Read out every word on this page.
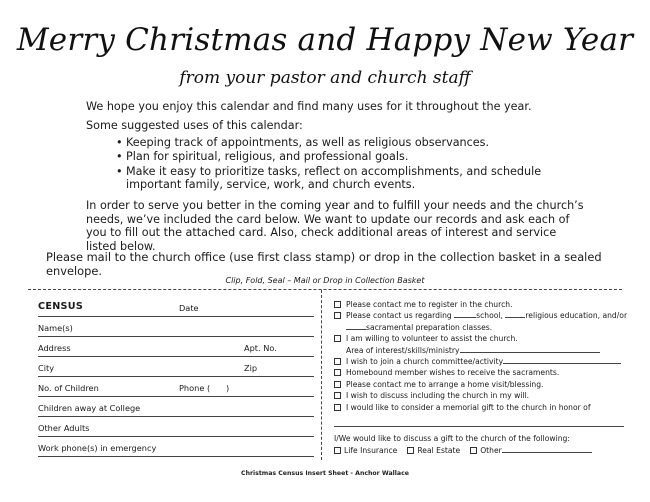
Merry Christmas and Happy New Year
from your pastor and church staff
We hope you enjoy this calendar and find many uses for it throughout the year.
Some suggested uses of this calendar:
• Keeping track of appointments, as well as religious observances.
• Plan for spiritual, religious, and professional goals.
• Make it easy to prioritize tasks, reflect on accomplishments, and schedule important family, service, work, and church events.
In order to serve you better in the coming year and to fulfill your needs and the church’s needs, we’ve included the card below. We want to update our records and ask each of you to fill out the attached card. Also, check additional areas of interest and service listed below.
Please mail to the church office (use first class stamp) or drop in the collection basket in a sealed envelope.
Clip, Fold, Seal – Mail or Drop in Collection Basket
CENSUS	Date
Name(s)
Address	Apt. No.
City	Zip
No. of Children	Phone ( )
Children away at College
Other Adults
Work phone(s) in emergency
Please contact me to register in the church.
Please contact us regarding	school,	religious education, and/or
sacramental preparation classes.
I am willing to volunteer to assist the church.
Area of interest/skills/ministry
I wish to join a church committee/activity
Homebound member wishes to receive the sacraments.
Please contact me to arrange a home visit/blessing.
I wish to discuss including the church in my will.
I would like to consider a memorial gift to the church in honor of
I/We would like to discuss a gift to the church of the following:
Life Insurance	Real Estate	Other
Christmas Census Insert Sheet - Anchor Wallace
